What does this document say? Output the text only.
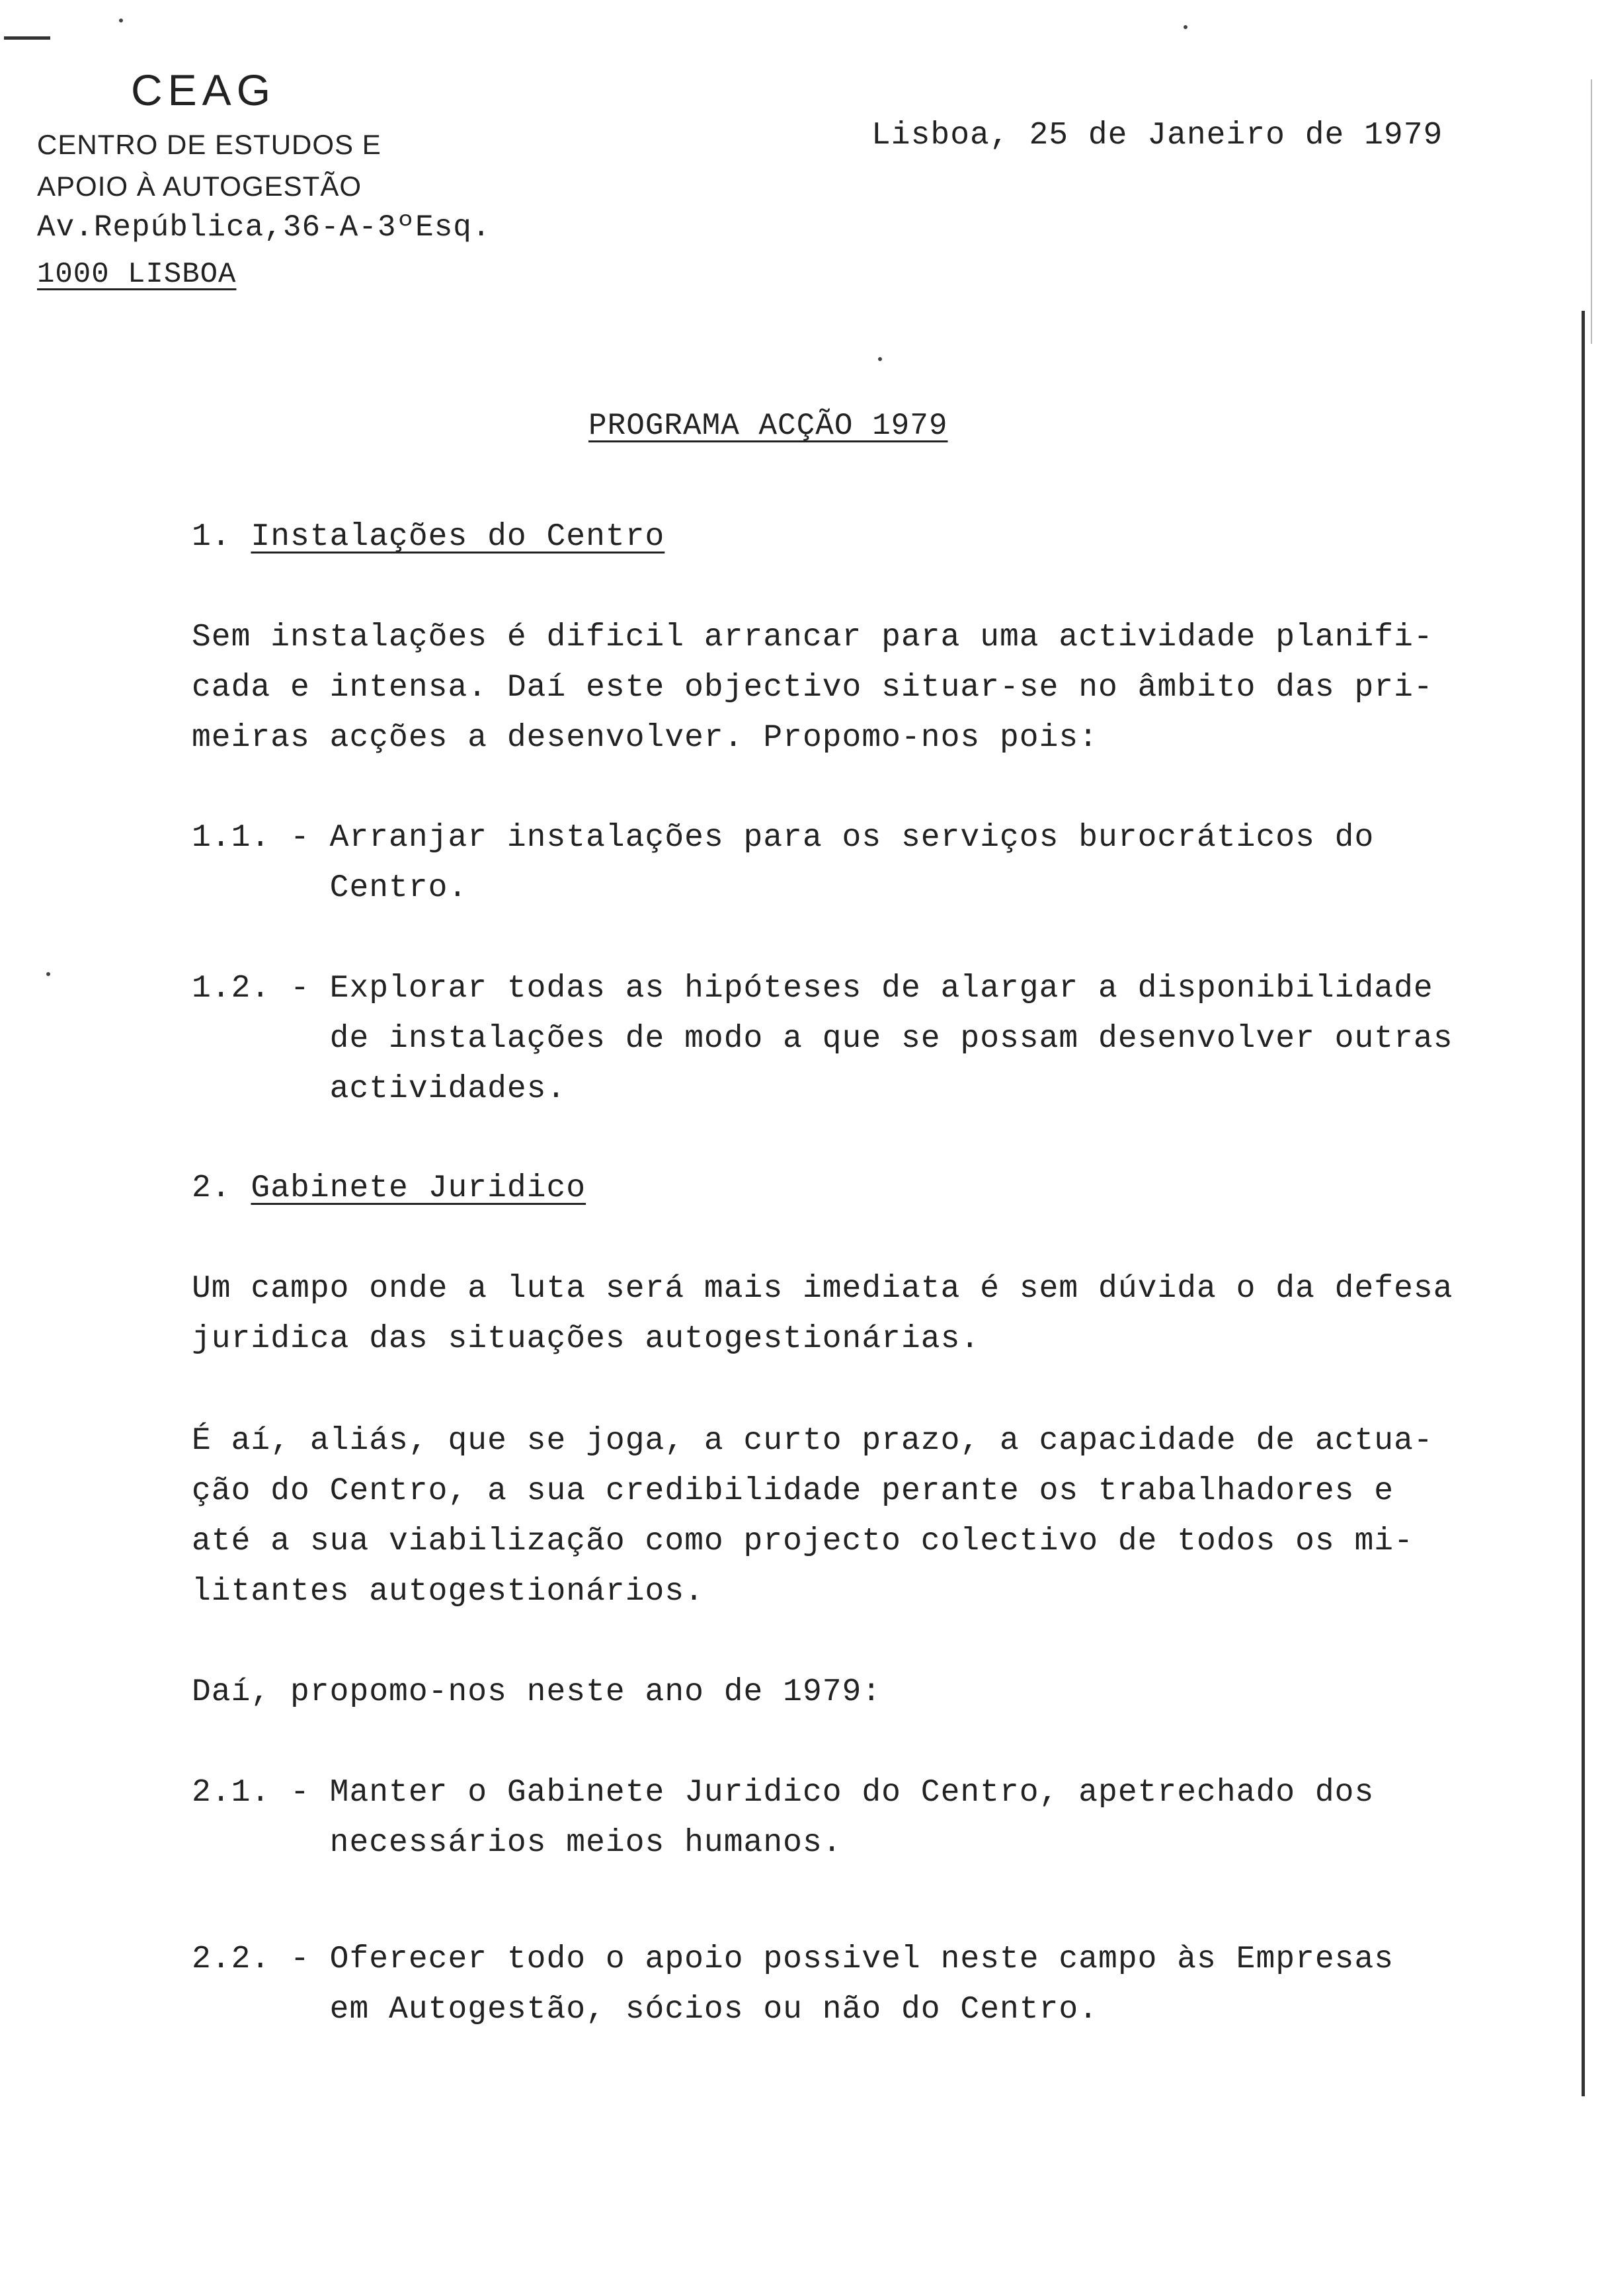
CEAG
CENTRO DE ESTUDOS E
APOIO À AUTOGESTÃO
Av.República,36-A-3ºEsq.
1000 LISBOA
Lisboa, 25 de Janeiro de 1979
PROGRAMA ACÇÃO 1979
1. Instalações do Centro
Sem instalações é dificil arrancar para uma actividade planifi-
cada e intensa. Daí este objectivo situar-se no âmbito das pri-
meiras acções a desenvolver. Propomo-nos pois:
1.1. - Arranjar instalações para os serviços burocráticos do
Centro.
1.2. - Explorar todas as hipóteses de alargar a disponibilidade
de instalações de modo a que se possam desenvolver outras
actividades.
2. Gabinete Juridico
Um campo onde a luta será mais imediata é sem dúvida o da defesa
juridica das situações autogestionárias.
É aí, aliás, que se joga, a curto prazo, a capacidade de actua-
ção do Centro, a sua credibilidade perante os trabalhadores e
até a sua viabilização como projecto colectivo de todos os mi-
litantes autogestionários.
Daí, propomo-nos neste ano de 1979:
2.1. - Manter o Gabinete Juridico do Centro, apetrechado dos
necessários meios humanos.
2.2. - Oferecer todo o apoio possivel neste campo às Empresas
em Autogestão, sócios ou não do Centro.
